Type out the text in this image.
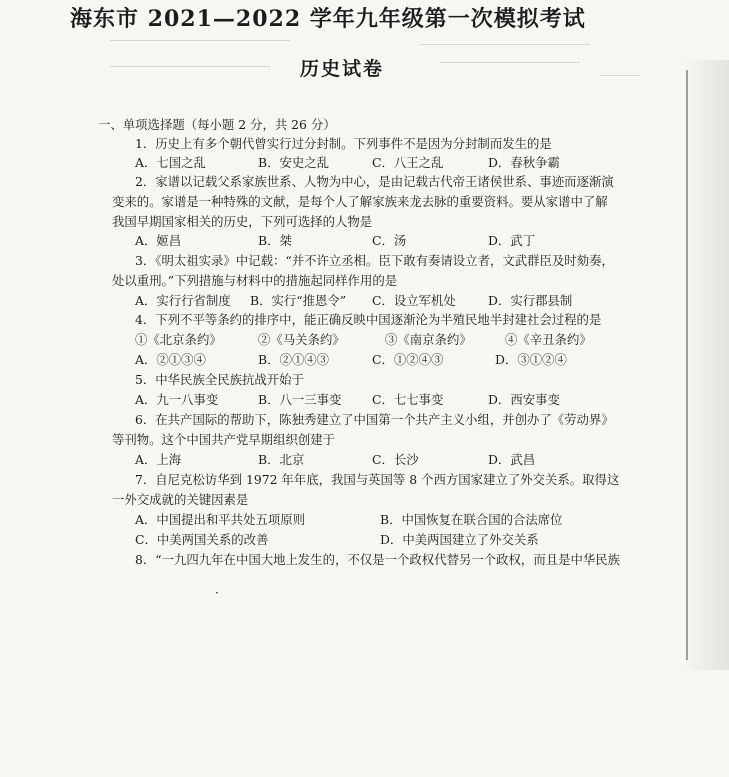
海东市 2021—2022 学年九年级第一次模拟考试
历史试卷
一、单项选择题（每小题 2 分，共 26 分）
1．历史上有多个朝代曾实行过分封制。下列事件不是因为分封制而发生的是
A．七国之乱	B．安史之乱	C．八王之乱	D．春秋争霸
2．家谱以记载父系家族世系、人物为中心，是由记载古代帝王诸侯世系、事迹而逐渐演
变来的。家谱是一种特殊的文献，是每个人了解家族来龙去脉的重要资料。要从家谱中了解
我国早期国家相关的历史，下列可选择的人物是
A．姬昌	B．桀	C．汤	D．武丁
3．《明太祖实录》中记载：“并不许立丞相。臣下敢有奏请设立者，文武群臣及时劾奏，
处以重刑。”下列措施与材料中的措施起同样作用的是
A．实行行省制度 B．实行“推恩令” C．设立军机处	D．实行郡县制
4．下列不平等条约的排序中，能正确反映中国逐渐沦为半殖民地半封建社会过程的是
①《北京条约》	②《马关条约》	③《南京条约》	④《辛丑条约》
A．②①③④	B．②①④③	C．①②④③	D．③①②④
5．中华民族全民族抗战开始于
A．九一八事变	B．八一三事变 C．七七事变	D．西安事变
6．在共产国际的帮助下，陈独秀建立了中国第一个共产主义小组，并创办了《劳动界》
等刊物。这个中国共产党早期组织创建于
A．上海	B．北京	C．长沙	D．武昌
7．自尼克松访华到 1972 年年底，我国与英国等 8 个西方国家建立了外交关系。取得这
一外交成就的关键因素是
A．中国提出和平共处五项原则	B．中国恢复在联合国的合法席位
C．中美两国关系的改善	D．中美两国建立了外交关系
8．“一九四九年在中国大地上发生的，不仅是一个政权代替另一个政权，而且是中华民族
·
